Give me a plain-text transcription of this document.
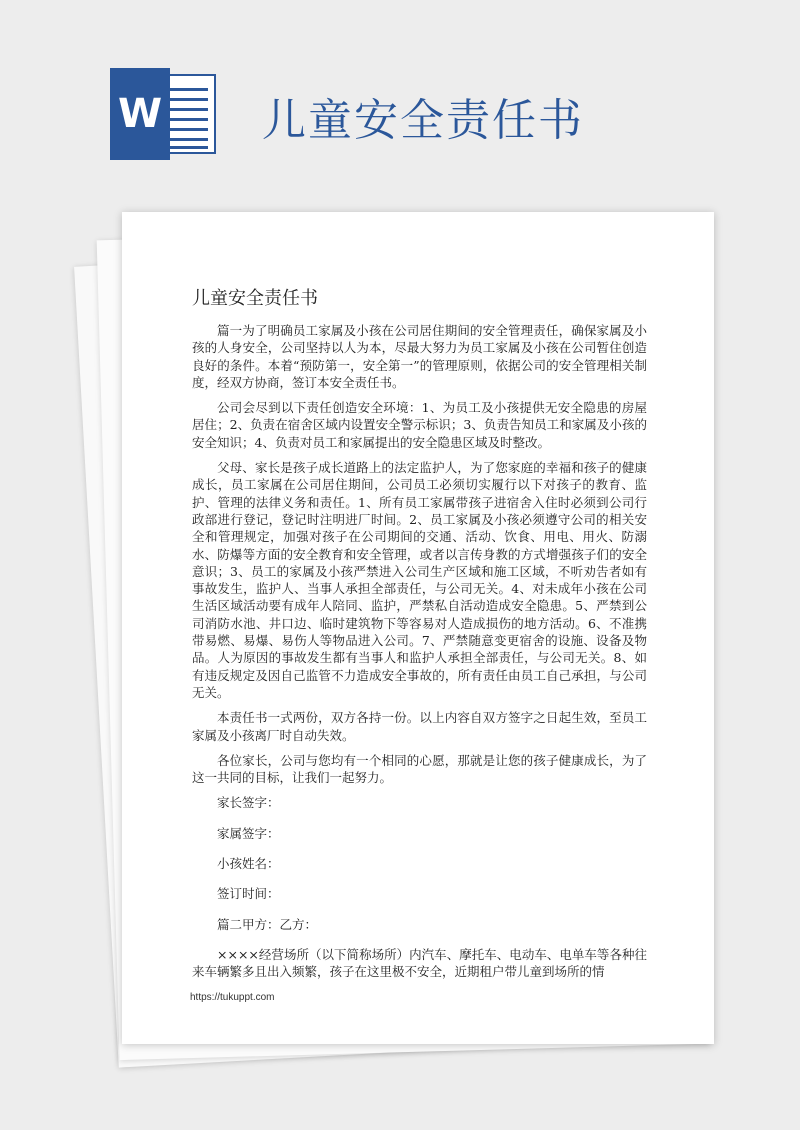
W 儿童安全责任书
儿童安全责任书

篇一为了明确员工家属及小孩在公司居住期间的安全管理责任，确保家属及小孩的人身安全，公司坚持以人为本，尽最大努力为员工家属及小孩在公司暂住创造良好的条件。本着“预防第一，安全第一”的管理原则，依据公司的安全管理相关制度，经双方协商，签订本安全责任书。

公司会尽到以下责任创造安全环境：1、为员工及小孩提供无安全隐患的房屋居住；2、负责在宿舍区域内设置安全警示标识；3、负责告知员工和家属及小孩的安全知识；4、负责对员工和家属提出的安全隐患区域及时整改。

父母、家长是孩子成长道路上的法定监护人，为了您家庭的幸福和孩子的健康成长，员工家属在公司居住期间，公司员工必须切实履行以下对孩子的教育、监护、管理的法律义务和责任。1、所有员工家属带孩子进宿舍入住时必须到公司行政部进行登记，登记时注明进厂时间。2、员工家属及小孩必须遵守公司的相关安全和管理规定，加强对孩子在公司期间的交通、活动、饮食、用电、用火、防溺水、防爆等方面的安全教育和安全管理，或者以言传身教的方式增强孩子们的安全意识；3、员工的家属及小孩严禁进入公司生产区域和施工区域，不听劝告者如有事故发生，监护人、当事人承担全部责任，与公司无关。4、对未成年小孩在公司生活区域活动要有成年人陪同、监护，严禁私自活动造成安全隐患。5、严禁到公司消防水池、井口边、临时建筑物下等容易对人造成损伤的地方活动。6、不准携带易燃、易爆、易伤人等物品进入公司。7、严禁随意变更宿舍的设施、设备及物品。人为原因的事故发生都有当事人和监护人承担全部责任，与公司无关。8、如有违反规定及因自己监管不力造成安全事故的，所有责任由员工自己承担，与公司无关。

本责任书一式两份，双方各持一份。以上内容自双方签字之日起生效，至员工家属及小孩离厂时自动失效。

各位家长，公司与您均有一个相同的心愿，那就是让您的孩子健康成长，为了这一共同的目标，让我们一起努力。

家长签字：

家属签字：

小孩姓名：

签订时间：

篇二甲方：乙方：

××××经营场所（以下简称场所）内汽车、摩托车、电动车、电单车等各种往来车辆繁多且出入频繁，孩子在这里极不安全，近期租户带儿童到场所的情

https://tukuppt.com
